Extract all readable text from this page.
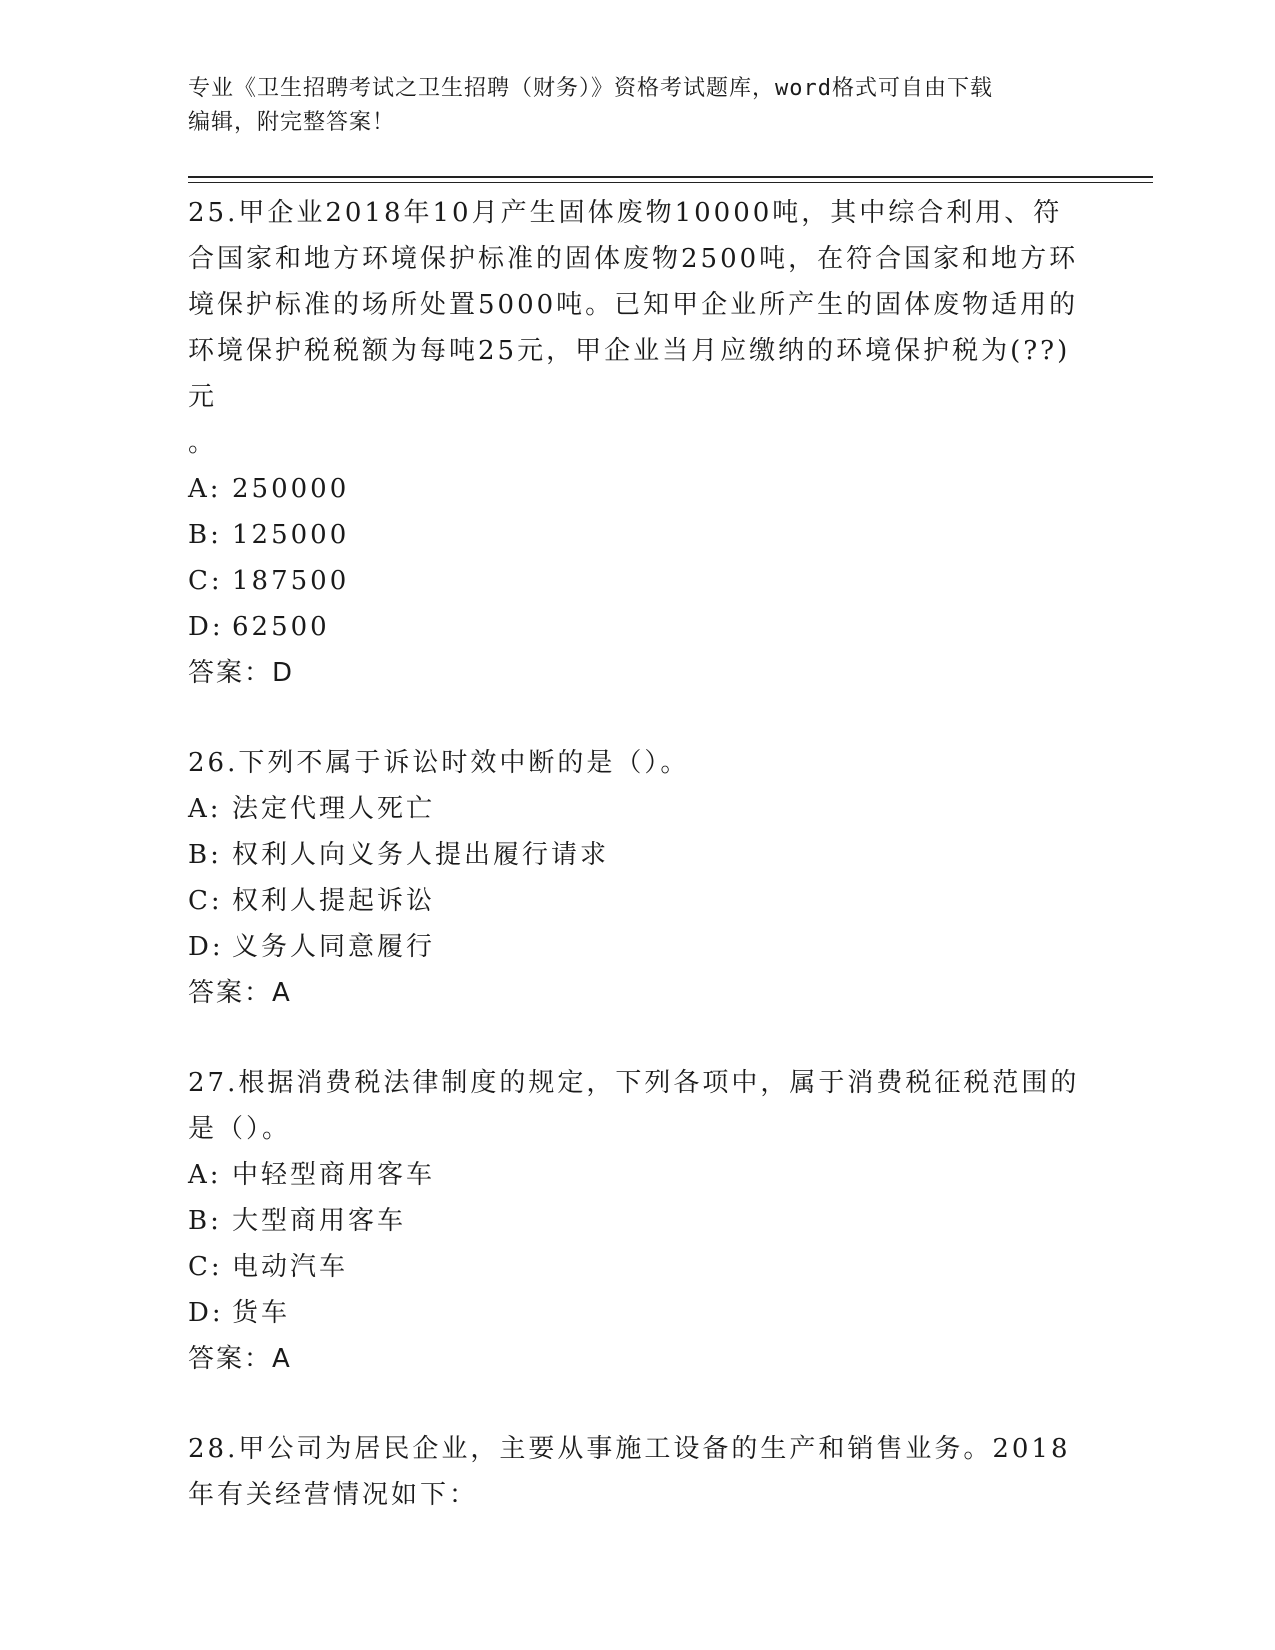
专业《卫生招聘考试之卫生招聘（财务）》资格考试题库，word格式可自由下载
编辑，附完整答案！

25.甲企业2018年10月产生固体废物10000吨，其中综合利用、符合国家和地方环境保护标准的固体废物2500吨，在符合国家和地方环境保护标准的场所处置5000吨。已知甲企业所产生的固体废物适用的环境保护税税额为每吨25元，甲企业当月应缴纳的环境保护税为(??)元

。

A: 250000

B: 125000

C: 187500

D: 62500

答案：D

26.下列不属于诉讼时效中断的是（）。

A: 法定代理人死亡

B: 权利人向义务人提出履行请求

C: 权利人提起诉讼

D: 义务人同意履行

答案：A

27.根据消费税法律制度的规定，下列各项中，属于消费税征税范围的是（）。

A: 中轻型商用客车

B: 大型商用客车

C: 电动汽车

D: 货车

答案：A

28.甲公司为居民企业，主要从事施工设备的生产和销售业务。2018年有关经营情况如下：
